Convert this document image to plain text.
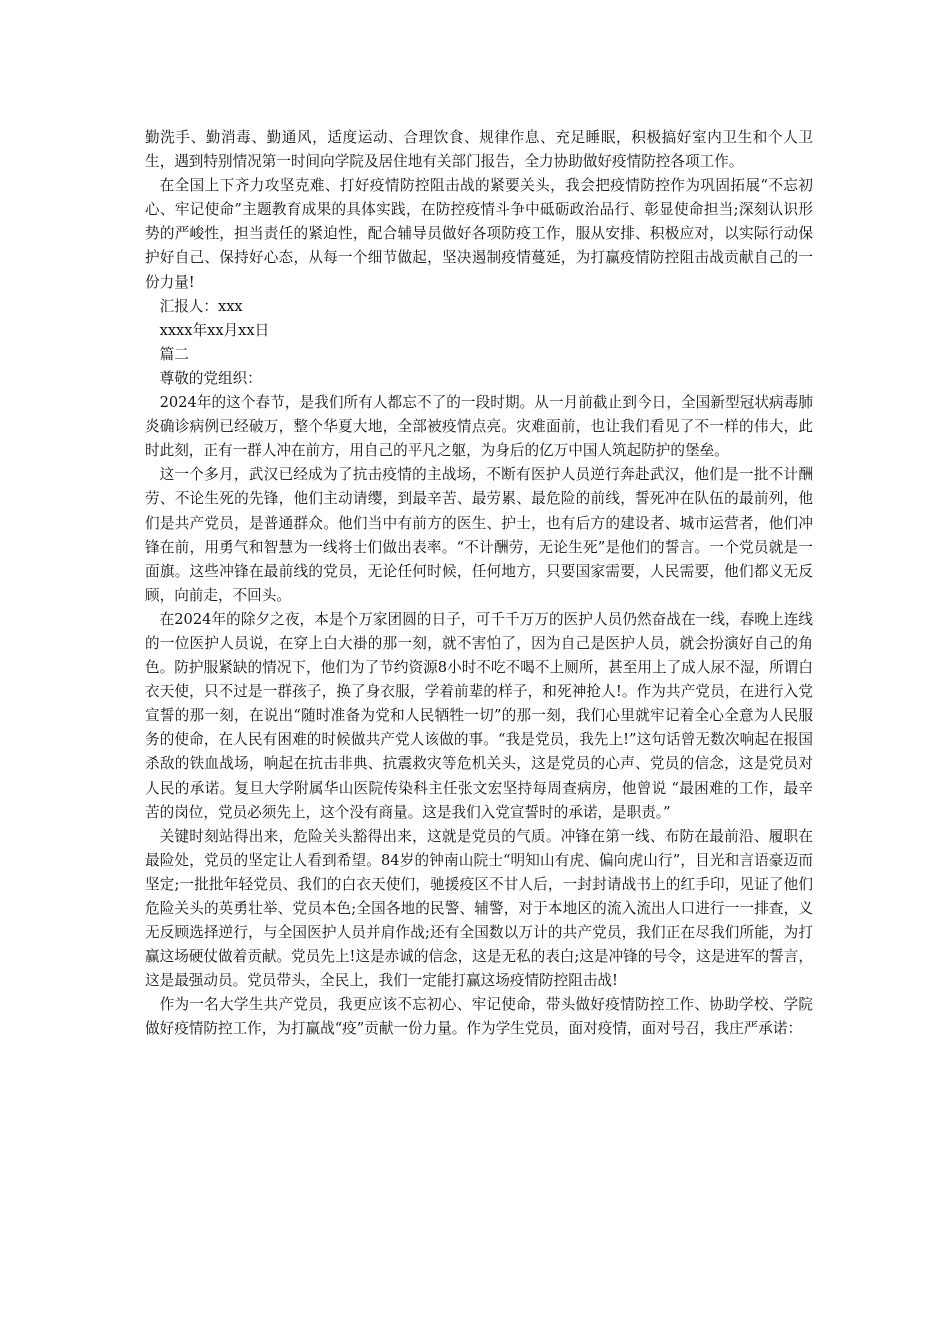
勤洗手、勤消毒、勤通风，适度运动、合理饮食、规律作息、充足睡眠，积极搞好室内卫生和个人卫生，遇到特别情况第一时间向学院及居住地有关部门报告，全力协助做好疫情防控各项工作。

在全国上下齐力攻坚克难、打好疫情防控阻击战的紧要关头，我会把疫情防控作为巩固拓展“不忘初心、牢记使命”主题教育成果的具体实践，在防控疫情斗争中砥砺政治品行、彰显使命担当;深刻认识形势的严峻性，担当责任的紧迫性，配合辅导员做好各项防疫工作，服从安排、积极应对，以实际行动保护好自己、保持好心态，从每一个细节做起，坚决遏制疫情蔓延，为打赢疫情防控阻击战贡献自己的一份力量!

汇报人：xxx

xxxx年xx月xx日

篇二

尊敬的党组织：

2024年的这个春节，是我们所有人都忘不了的一段时期。从一月前截止到今日，全国新型冠状病毒肺炎确诊病例已经破万，整个华夏大地，全部被疫情点亮。灾难面前，也让我们看见了不一样的伟大，此时此刻，正有一群人冲在前方，用自己的平凡之躯，为身后的亿万中国人筑起防护的堡垒。

这一个多月，武汉已经成为了抗击疫情的主战场，不断有医护人员逆行奔赴武汉，他们是一批不计酬劳、不论生死的先锋，他们主动请缨，到最辛苦、最劳累、最危险的前线，誓死冲在队伍的最前列，他们是共产党员，是普通群众。他们当中有前方的医生、护士，也有后方的建设者、城市运营者，他们冲锋在前，用勇气和智慧为一线将士们做出表率。“不计酬劳，无论生死”是他们的誓言。一个党员就是一面旗。这些冲锋在最前线的党员，无论任何时候，任何地方，只要国家需要，人民需要，他们都义无反顾，向前走，不回头。

在2024年的除夕之夜，本是个万家团圆的日子，可千千万万的医护人员仍然奋战在一线，春晚上连线的一位医护人员说，在穿上白大褂的那一刻，就不害怕了，因为自己是医护人员，就会扮演好自己的角色。防护服紧缺的情况下，他们为了节约资源8小时不吃不喝不上厕所，甚至用上了成人尿不湿，所谓白衣天使，只不过是一群孩子，换了身衣服，学着前辈的样子，和死神抢人!。作为共产党员，在进行入党宣誓的那一刻，在说出“随时准备为党和人民牺牲一切”的那一刻，我们心里就牢记着全心全意为人民服务的使命，在人民有困难的时候做共产党人该做的事。“我是党员，我先上!”这句话曾无数次响起在报国杀敌的铁血战场，响起在抗击非典、抗震救灾等危机关头，这是党员的心声、党员的信念，这是党员对人民的承诺。复旦大学附属华山医院传染科主任张文宏坚持每周查病房，他曾说 “最困难的工作，最辛苦的岗位，党员必须先上，这个没有商量。这是我们入党宣誓时的承诺，是职责。”

关键时刻站得出来，危险关头豁得出来，这就是党员的气质。冲锋在第一线、布防在最前沿、履职在最险处，党员的坚定让人看到希望。84岁的钟南山院士“明知山有虎、偏向虎山行”，目光和言语豪迈而坚定;一批批年轻党员、我们的白衣天使们，驰援疫区不甘人后，一封封请战书上的红手印，见证了他们危险关头的英勇壮举、党员本色;全国各地的民警、辅警，对于本地区的流入流出人口进行一一排查，义无反顾选择逆行，与全国医护人员并肩作战;还有全国数以万计的共产党员，我们正在尽我们所能，为打赢这场硬仗做着贡献。党员先上!这是赤诚的信念，这是无私的表白;这是冲锋的号令，这是进军的誓言，这是最强动员。党员带头，全民上，我们一定能打赢这场疫情防控阻击战!

作为一名大学生共产党员，我更应该不忘初心、牢记使命，带头做好疫情防控工作、协助学校、学院做好疫情防控工作，为打赢战“疫”贡献一份力量。作为学生党员，面对疫情，面对号召，我庄严承诺：
